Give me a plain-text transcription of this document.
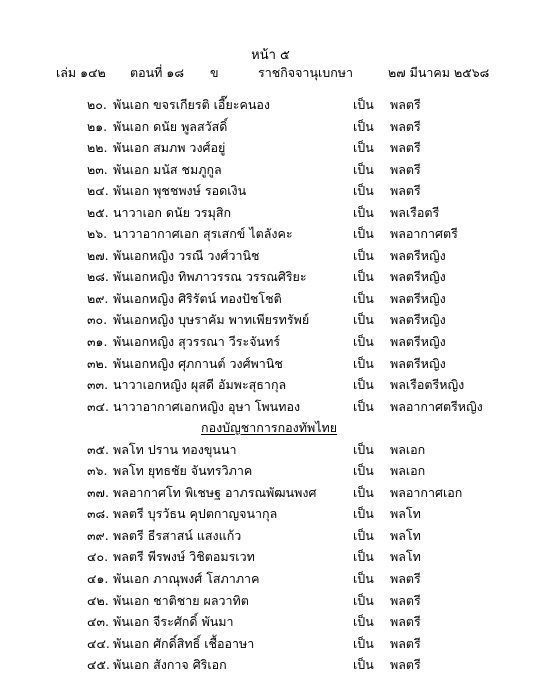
หน้า ๕
เล่ม ๑๔๒ ตอนที่ ๑๘ ข	ราชกิจจานุเบกษา	๒๗ มีนาคม ๒๕๖๘
๒๐. พันเอก ขจรเกียรติ เอี๊ยะคนอง	เป็น พลตรี
๒๑. พันเอก ดนัย พูลสวัสดิ์	เป็น พลตรี
๒๒. พันเอก สมภพ วงศ์อยู่	เป็น พลตรี
๒๓. พันเอก มนัส ชมภูกูล	เป็น พลตรี
๒๔. พันเอก พุชชพงษ์ รอดเงิน	เป็น พลตรี
๒๕. นาวาเอก ดนัย วรมุสิก	เป็น พลเรือตรี
๒๖. นาวาอากาศเอก สุรเสกข์ ไตลังคะ	เป็น พลอากาศตรี
๒๗. พันเอกหญิง วรณี วงศ์วานิช	เป็น พลตรีหญิง
๒๘. พันเอกหญิง ทิพภาวรรณ วรรณศิริยะ	เป็น พลตรีหญิง
๒๙. พันเอกหญิง ศิริรัตน์ ทองปัชโชติ	เป็น พลตรีหญิง
๓๐. พันเอกหญิง บุษราคัม พาทเพียรทรัพย์	เป็น พลตรีหญิง
๓๑. พันเอกหญิง สุวรรณา วีระจันทร์	เป็น พลตรีหญิง
๓๒. พันเอกหญิง ศุภกานต์ วงศ์พานิช	เป็น พลตรีหญิง
๓๓. นาวาเอกหญิง ผุสดี อัมพะสุธากุล	เป็น พลเรือตรีหญิง
๓๔. นาวาอากาศเอกหญิง อุษา โพนทอง	เป็น พลอากาศตรีหญิง
กองบัญชาการกองทัพไทย
๓๕. พลโท ปราน ทองขุนนา	เป็น พลเอก
๓๖. พลโท ยุทธชัย จันทรวิภาค	เป็น พลเอก
๓๗. พลอากาศโท พิเชษฐ อาภรณพัฒนพงศ	เป็น พลอากาศเอก
๓๘. พลตรี บุรวัธน คุปตกาญจนากุล	เป็น พลโท
๓๙. พลตรี ธีรสาสน์ แสงแก้ว	เป็น พลโท
๔๐. พลตรี พีรพงษ์ วิชิตอมรเวท	เป็น พลโท
๔๑. พันเอก ภาณุพงศ์ โสภาภาค	เป็น พลตรี
๔๒. พันเอก ชาติชาย ผลวาทิต	เป็น พลตรี
๔๓. พันเอก จีระศักดิ์ พันมา	เป็น พลตรี
๔๔. พันเอก ศักดิ์สิทธิ์ เชื้ออาษา	เป็น พลตรี
๔๕. พันเอก สังกาจ ศิริเอก	เป็น พลตรี
